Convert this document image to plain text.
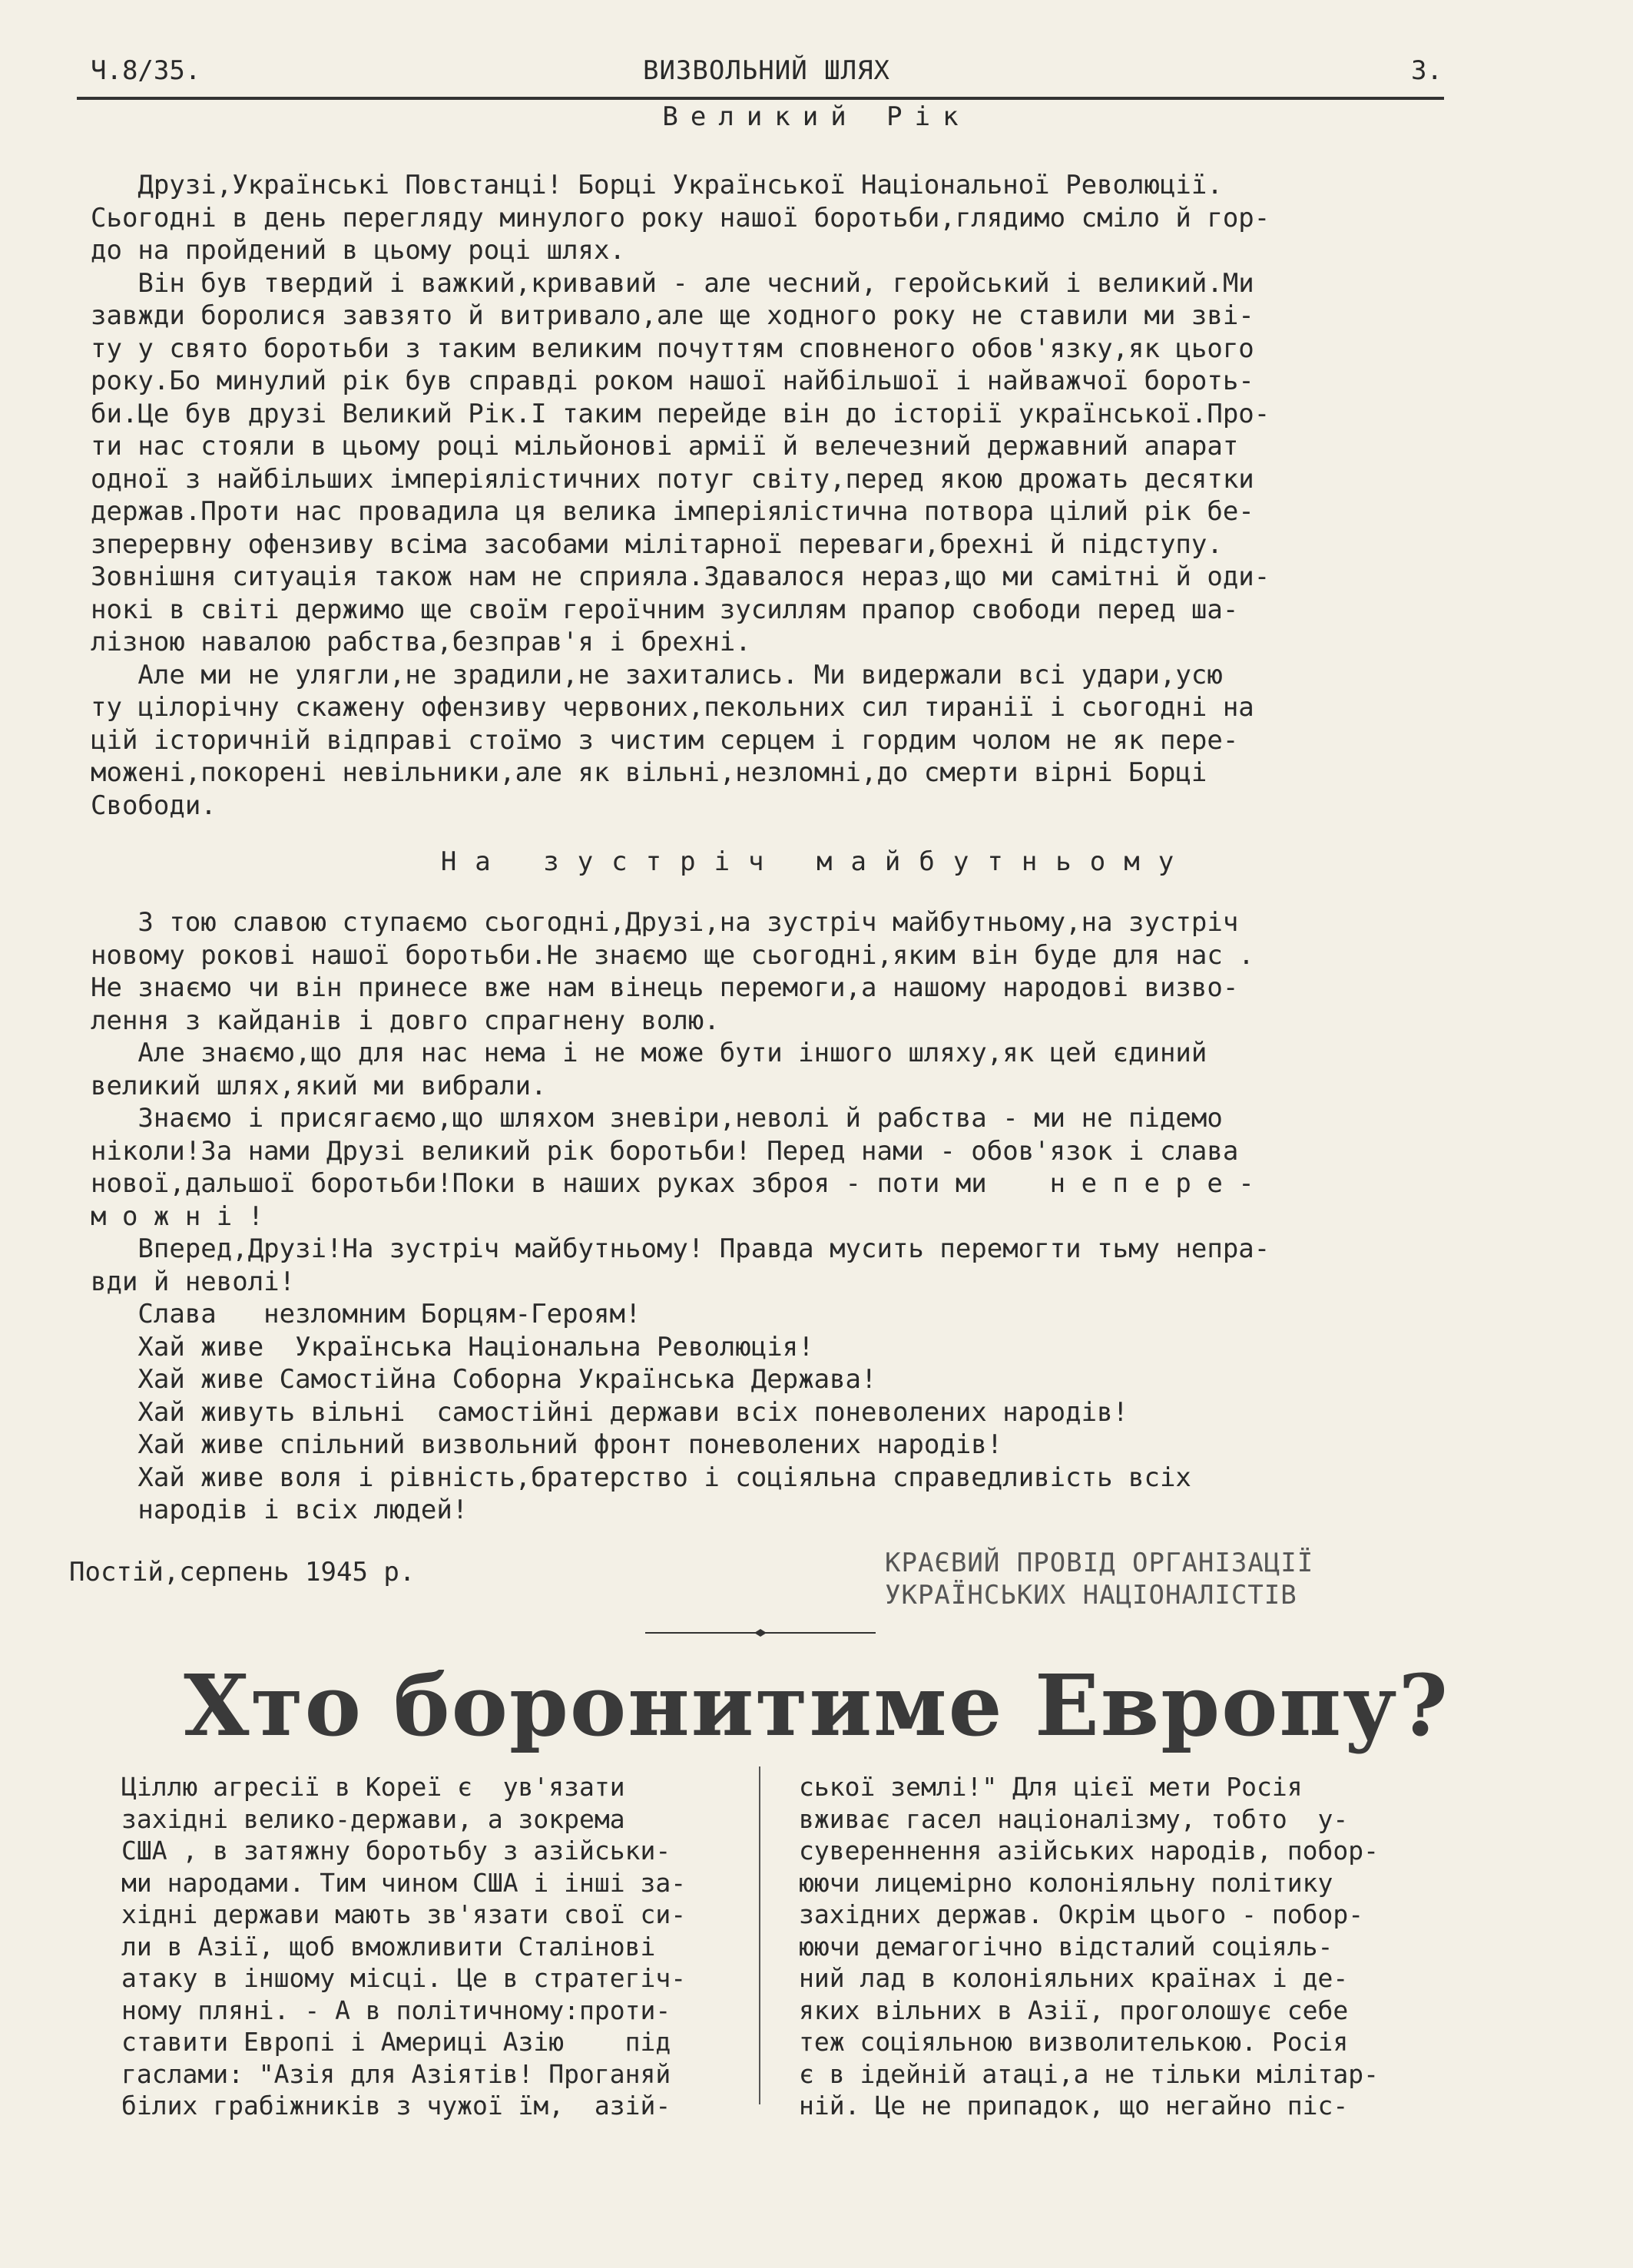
Ч.8/35.	ВИЗВОЛЬНИЙ ШЛЯХ	3.
Великий Рік
Друзі,Українські Повстанці! Борці Української Національної Революції.
Сьогодні в день перегляду минулого року нашої боротьби,глядимо сміло й гор-
до на пройдений в цьому році шлях.
Він був твердий і важкий,кривавий - але чесний, геройський і великий.Ми
завжди боролися завзято й витривало,але ще ходного року не ставили ми зві-
ту у свято боротьби з таким великим почуттям сповненого обов'язку,як цього
року.Бо минулий рік був справді роком нашої найбільшої і найважчої бороть-
би.Це був друзі Великий Рік.І таким перейде він до історії української.Про-
ти нас стояли в цьому році мільйонові армії й велечезний державний апарат
одної з найбільших імперіялістичних потуг світу,перед якою дрожать десятки
держав.Проти нас провадила ця велика імперіялістична потвора цілий рік бе-
зперервну офензиву всіма засобами мілітарної переваги,брехні й підступу.
Зовнішня ситуація також нам не сприяла.Здавалося нераз,що ми самітні й оди-
нокі в світі держимо ще своїм героїчним зусиллям прапор свободи перед ша-
лізною навалою рабства,безправ'я і брехні.
Але ми не улягли,не зрадили,не захитались. Ми видержали всі удари,усю
ту цілорічну скажену офензиву червоних,пекольних сил тиранії і сьогодні на
цій історичній відправі стоїмо з чистим серцем і гордим чолом не як пере-
можені,покорені невільники,але як вільні,незломні,до смерти вірні Борці
Свободи.
На зустріч майбутньому
З тою славою ступаємо сьогодні,Друзі,на зустріч майбутньому,на зустріч
новому рокові нашої боротьби.Не знаємо ще сьогодні,яким він буде для нас .
Не знаємо чи він принесе вже нам вінець перемоги,а нашому народові визво-
лення з кайданів і довго спрагнену волю.
Але знаємо,що для нас нема і не може бути іншого шляху,як цей єдиний
великий шлях,який ми вибрали.
Знаємо і присягаємо,що шляхом зневіри,неволі й рабства - ми не підемо
ніколи!За нами Друзі великий рік боротьби! Перед нами - обов'язок і слава
нової,дальшої боротьби!Поки в наших руках зброя - поти ми    н е п е р е -
м о ж н і !
Вперед,Друзі!На зустріч майбутньому! Правда мусить перемогти тьму непра-
вди й неволі!
Слава   незломним Борцям-Героям!
Хай живе  Українська Національна Революція!
Хай живе Самостійна Соборна Українська Держава!
Хай живуть вільні  самостійні держави всіх поневолених народів!
Хай живе спільний визвольний фронт поневолених народів!
Хай живе воля і рівність,братерство і соціяльна справедливість всіх
народів і всіх людей!
Постій,серпень 1945 р.	КРАЄВИЙ ПРОВІД ОРГАНІЗАЦІЇ
УКРАЇНСЬКИХ НАЦІОНАЛІСТІВ
Хто боронитиме Европу?
Ціллю агресії в Кореї є  ув'язати
західні велико-держави, а зокрема
США , в затяжну боротьбу з азійськи-
ми народами. Тим чином США і інші за-
хідні держави мають зв'язати свої си-
ли в Азії, щоб вможливити Сталінові
атаку в іншому місці. Це в стратегіч-
ному пляні. - А в політичному:проти-
ставити Европі і Америці Азію    під
гаслами: "Азія для Азіятів! Проганяй
білих грабіжників з чужої їм,  азій-
ської землі!" Для цієї мети Росія
вживає гасел націоналізму, тобто  у-
сувереннення азійських народів, побор-
юючи лицемірно колоніяльну політику
західних держав. Окрім цього - побор-
юючи демагогічно відсталий соціяль-
ний лад в колоніяльних країнах і де-
яких вільних в Азії, проголошує себе
теж соціяльною визволителькою. Росія
є в ідейній атаці,а не тільки мілітар-
ній. Це не припадок, що негайно піс-
